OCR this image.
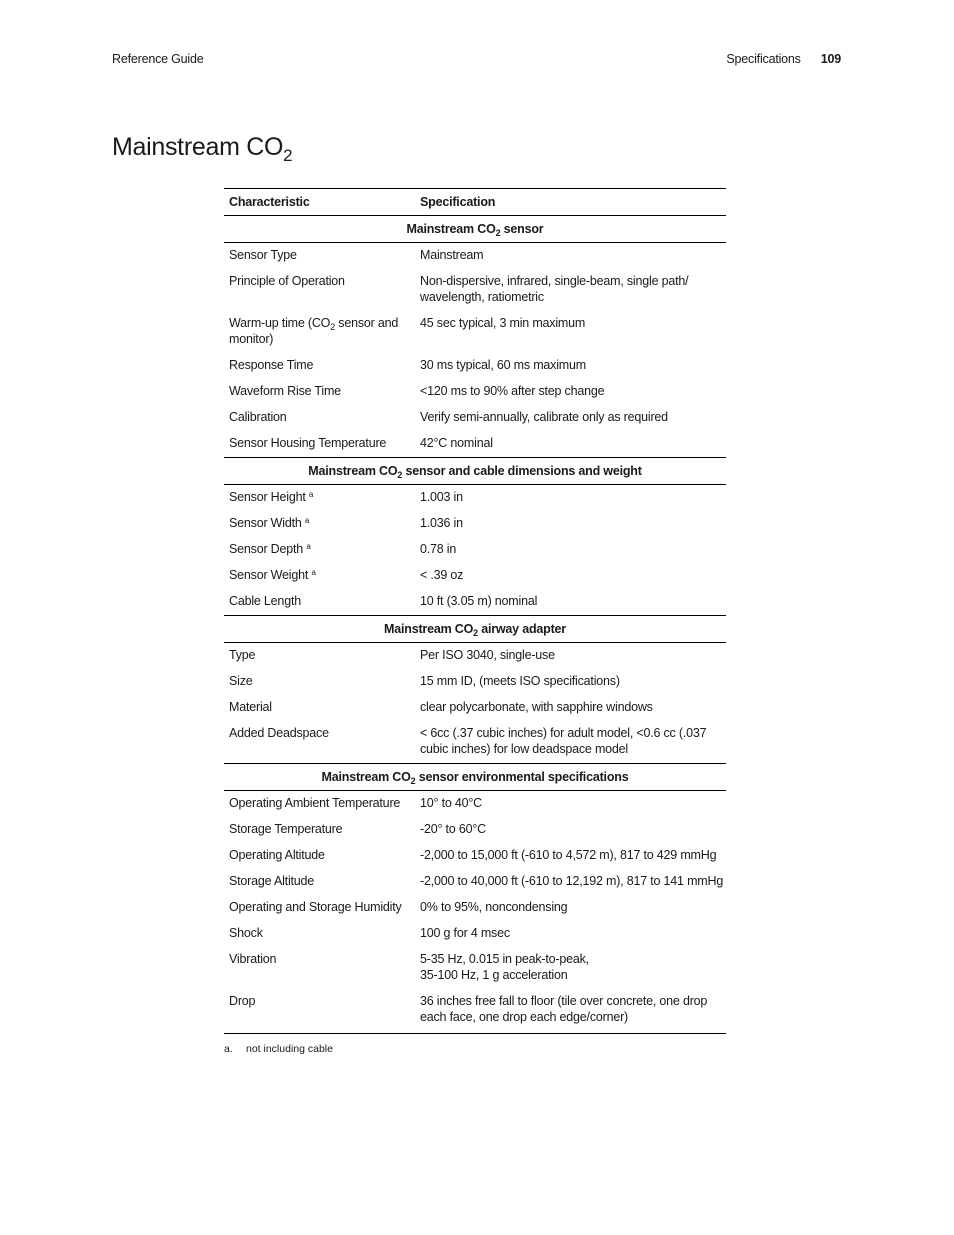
Reference Guide	Specifications 109
Mainstream $CO_2$
Characteristic	Specification
Mainstream $CO_2$ sensor	
Sensor Type	Mainstream
Principle of Operation	Non-dispersive, infrared, single-beam, single path/ wavelength, ratiometric
Warm-up time ($CO_2$ sensor and monitor)	45 sec typical, 3 min maximum
Response Time	30 ms typical, 60 ms maximum
Waveform Rise Time	<120 ms to 90% after step change
Calibration	Verify semi-annually, calibrate only as required
Sensor Housing Temperature	42°C nominal
Mainstream $CO_2$ sensor and cable dimensions and weight	
Sensor Height $^a$	1.003 in
Sensor Width $^a$	1.036 in
Sensor Depth $^a$	0.78 in
Sensor Weight $^a$	< .39 oz
Cable Length	10 ft (3.05 m) nominal
Mainstream $CO_2$ airway adapter	
Type	Per ISO 3040, single-use
Size	15 mm ID, (meets ISO specifications)
Material	clear polycarbonate, with sapphire windows
Added Deadspace	< 6cc (.37 cubic inches) for adult model, <0.6 cc (.037 cubic inches) for low deadspace model
Mainstream $CO_2$ sensor environmental specifications	
Operating Ambient Temperature	10° to 40°C
Storage Temperature	-20° to 60°C
Operating Altitude	-2,000 to 15,000 ft (-610 to 4,572 m), 817 to 429 mmHg
Storage Altitude	-2,000 to 40,000 ft (-610 to 12,192 m), 817 to 141 mmHg
Operating and Storage Humidity	0% to 95%, noncondensing
Shock	100 g for 4 msec
Vibration	5-35 Hz, 0.015 in peak-to-peak,
35-100 Hz, 1 g acceleration
Drop	36 inches free fall to floor (tile over concrete, one drop each face, one drop each edge/corner)
a. not including cable
